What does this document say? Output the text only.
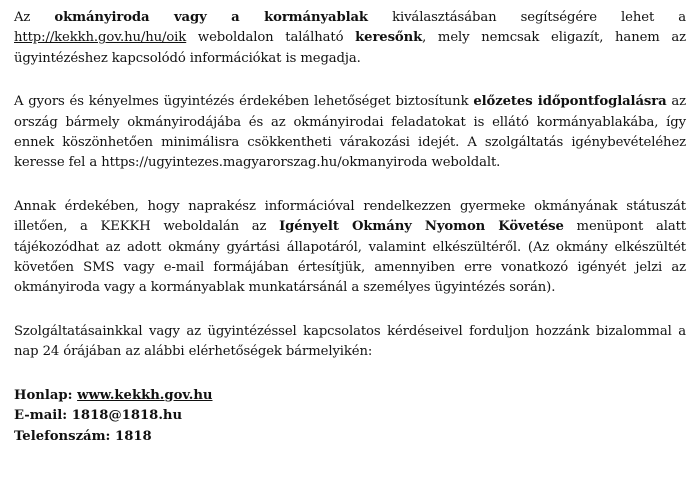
Az okmányiroda vagy a kormányablak kiválasztásában segítségére lehet a http://kekkh.gov.hu/hu/oik weboldalon található keresőnk, mely nemcsak eligazít, hanem az ügyintézéshez kapcsolódó információkat is megadja.

A gyors és kényelmes ügyintézés érdekében lehetőséget biztosítunk előzetes időpontfoglalásra az ország bármely okmányirodájába és az okmányirodai feladatokat is ellátó kormányablakába, így ennek köszönhetően minimálisra csökkentheti várakozási idejét. A szolgáltatás igénybevételéhez keresse fel a https://ugyintezes.magyarorszag.hu/okmanyiroda weboldalt.

Annak érdekében, hogy naprakész információval rendelkezzen gyermeke okmányának státuszát illetően, a KEKKH weboldalán az Igényelt Okmány Nyomon Követése menüpont alatt tájékozódhat az adott okmány gyártási állapotáról, valamint elkészültéről. (Az okmány elkészültét követően SMS vagy e-mail formájában értesítjük, amennyiben erre vonatkozó igényét jelzi az okmányiroda vagy a kormányablak munkatársánál a személyes ügyintézés során).

Szolgáltatásainkkal vagy az ügyintézéssel kapcsolatos kérdéseivel forduljon hozzánk bizalommal a nap 24 órájában az alábbi elérhetőségek bármelyikén:

Honlap: www.kekkh.gov.hu
E-mail: 1818@1818.hu
Telefonszám: 1818
